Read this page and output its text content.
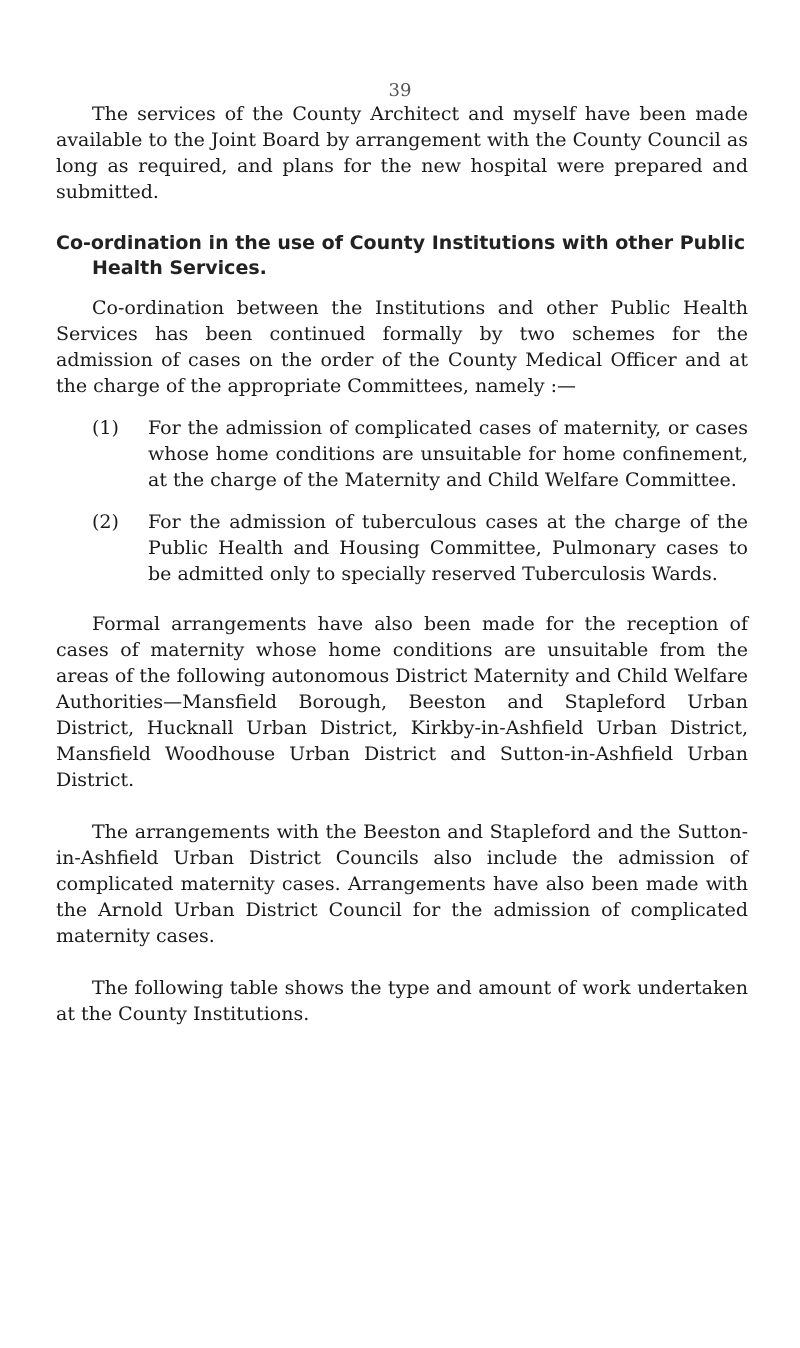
39

The services of the County Architect and myself have been made available to the Joint Board by arrangement with the County Council as long as required, and plans for the new hospital were prepared and submitted.

Co-ordination in the use of County Institutions with other Public Health Services.

Co-ordination between the Institutions and other Public Health Services has been continued formally by two schemes for the admission of cases on the order of the County Medical Officer and at the charge of the appropriate Committees, namely :—

(1)	For the admission of complicated cases of maternity, or cases whose home conditions are unsuitable for home confinement, at the charge of the Maternity and Child Welfare Committee.
(2)	For the admission of tuberculous cases at the charge of the Public Health and Housing Committee, Pulmonary cases to be admitted only to specially reserved Tuberculosis Wards.

Formal arrangements have also been made for the reception of cases of maternity whose home conditions are unsuitable from the areas of the following autonomous District Maternity and Child Welfare Authorities—Mansfield Borough, Beeston and Stapleford Urban District, Hucknall Urban District, Kirkby-in-Ashfield Urban District, Mansfield Woodhouse Urban District and Sutton-in-Ashfield Urban District.

The arrangements with the Beeston and Stapleford and the Sutton-in-Ashfield Urban District Councils also include the admission of complicated maternity cases. Arrangements have also been made with the Arnold Urban District Council for the admission of complicated maternity cases.

The following table shows the type and amount of work undertaken at the County Institutions.
